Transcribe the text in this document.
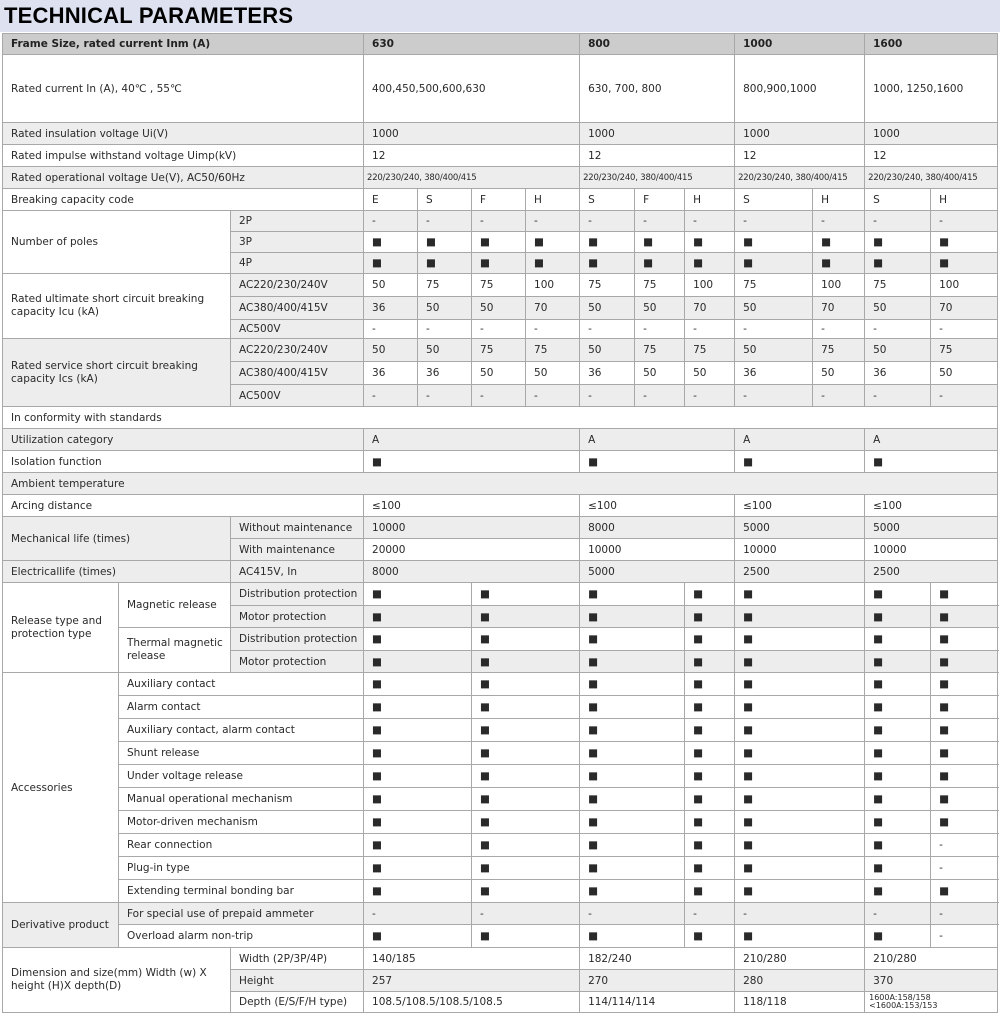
TECHNICAL PARAMETERS
Frame Size, rated current Inm (A)			630				800			1000		1600		
Rated current In (A), 40℃ , 55℃			400,450,500,600,630				630, 700, 800			800,900,1000		1000, 1250,1600		
Rated insulation voltage Ui(V)			1000				1000			1000		1000		
Rated impulse withstand voltage Uimp(kV)			12				12			12		12		
Rated operational voltage Ue(V), AC50/60Hz			220/230/240, 380/400/415				220/230/240, 380/400/415			220/230/240, 380/400/415		220/230/240, 380/400/415		
Breaking capacity code			E	S	F	H	S	F	H	S	H	S	H	
Number of poles		2P	-	-	-	-	-	-	-	-	-	-	-	
		3P	■	■	■	■	■	■	■	■	■	■	■	
		4P	■	■	■	■	■	■	■	■	■	■	■	
Rated ultimate short circuit breaking capacity Icu (kA)		AC220/230/240V	50	75	75	100	75	75	100	75	100	75	100	
		AC380/400/415V	36	50	50	70	50	50	70	50	70	50	70	
		AC500V	-	-	-	-	-	-	-	-	-	-	-	
Rated service short circuit breaking capacity Ics (kA)		AC220/230/240V	50	50	75	75	50	75	75	50	75	50	75	
		AC380/400/415V	36	36	50	50	36	50	50	36	50	36	50	
		AC500V	-	-	-	-	-	-	-	-	-	-	-	
In conformity with standards														
Utilization category			A				A			A		A		
Isolation function			■				■			■		■		
Ambient temperature														
Arcing distance			≤100				≤100			≤100		≤100		
Mechanical life (times)		Without maintenance	10000				8000			5000		5000		
		With maintenance	20000				10000			10000		10000		
Electricallife (times)		AC415V, In	8000				5000			2500		2500		
Release type and protection type	Magnetic release	Distribution protection	■		■		■		■	■		■	■	
		Motor protection	■		■		■		■	■		■	■	
	Thermal magnetic release	Distribution protection	■		■		■		■	■		■	■	
		Motor protection	■		■		■		■	■		■	■	
Accessories	Auxiliary contact		■		■		■		■	■		■	■	
	Alarm contact		■		■		■		■	■		■	■	
	Auxiliary contact, alarm contact		■		■		■		■	■		■	■	
	Shunt release		■		■		■		■	■		■	■	
	Under voltage release		■		■		■		■	■		■	■	
	Manual operational mechanism		■		■		■		■	■		■	■	
	Motor-driven mechanism		■		■		■		■	■		■	■	
	Rear connection		■		■		■		■	■		■	-	
	Plug-in type		■		■		■		■	■		■	-	
	Extending terminal bonding bar		■		■		■		■	■		■	■	
Derivative product	For special use of prepaid ammeter		-		-		-		-	-		-	-	
	Overload alarm non-trip		■		■		■		■	■		■	-	
Dimension and size(mm) Width (w) X height (H)X depth(D)		Width (2P/3P/4P)	140/185				182/240			210/280		210/280		
		Height	257				270			280		370		
		Depth (E/S/F/H type)	108.5/108.5/108.5/108.5				114/114/114			118/118		1600A:158/158
<1600A:153/153		
